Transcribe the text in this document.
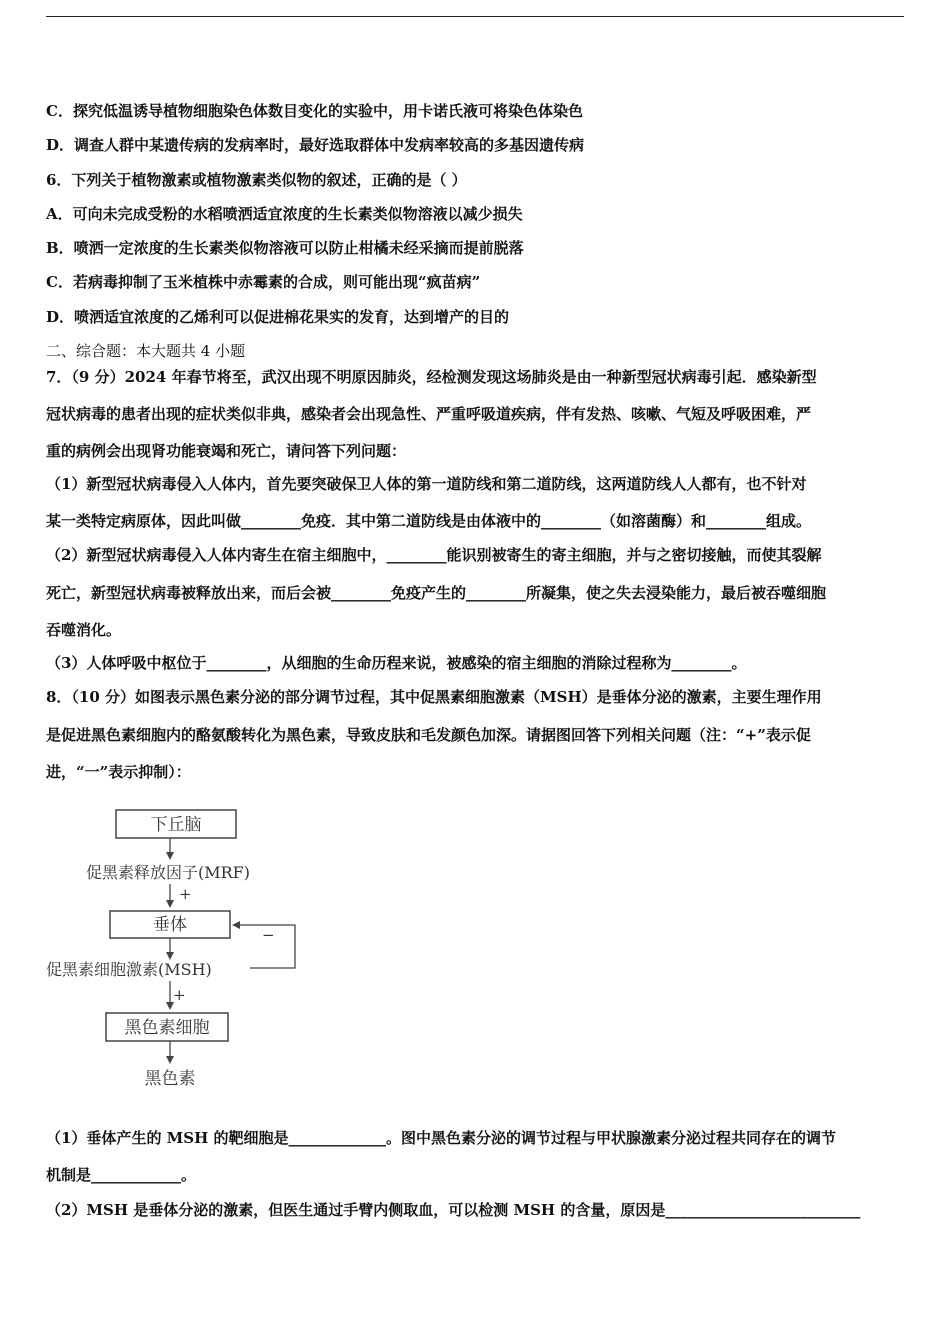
C．探究低温诱导植物细胞染色体数目变化的实验中，用卡诺氏液可将染色体染色
D．调查人群中某遗传病的发病率时，最好选取群体中发病率较高的多基因遗传病
6．下列关于植物激素或植物激素类似物的叙述，正确的是（ ）
A．可向未完成受粉的水稻喷洒适宜浓度的生长素类似物溶液以减少损失
B．喷洒一定浓度的生长素类似物溶液可以防止柑橘未经采摘而提前脱落
C．若病毒抑制了玉米植株中赤霉素的合成，则可能出现“疯苗病”
D．喷洒适宜浓度的乙烯利可以促进棉花果实的发育，达到增产的目的
二、综合题：本大题共 4 小题
7．（9 分）2024 年春节将至，武汉出现不明原因肺炎，经检测发现这场肺炎是由一种新型冠状病毒引起．感染新型
冠状病毒的患者出现的症状类似非典，感染者会出现急性、严重呼吸道疾病，伴有发热、咳嗽、气短及呼吸困难，严
重的病例会出现肾功能衰竭和死亡，请问答下列问题：
（1）新型冠状病毒侵入人体内，首先要突破保卫人体的第一道防线和第二道防线，这两道防线人人都有，也不针对
某一类特定病原体，因此叫做________免疫．其中第二道防线是由体液中的________（如溶菌酶）和________组成。
（2）新型冠状病毒侵入人体内寄生在宿主细胞中，________能识别被寄生的寄主细胞，并与之密切接触，而使其裂解
死亡，新型冠状病毒被释放出来，而后会被________免疫产生的________所凝集，使之失去浸染能力，最后被吞噬细胞
吞噬消化。
（3）人体呼吸中枢位于________，从细胞的生命历程来说，被感染的宿主细胞的消除过程称为________。
8．（10 分）如图表示黑色素分泌的部分调节过程，其中促黑素细胞激素（MSH）是垂体分泌的激素，主要生理作用
是促进黑色素细胞内的酪氨酸转化为黑色素，导致皮肤和毛发颜色加深。请据图回答下列相关问题（注：“+”表示促
进，“一”表示抑制）：
下丘脑
促黑素释放因子(MRF)
+
垂体
促黑素细胞激素(MSH)
−
+
黑色素细胞
黑色素
（1）垂体产生的 MSH 的靶细胞是_____________。图中黑色素分泌的调节过程与甲状腺激素分泌过程共同存在的调节
机制是____________。
（2）MSH 是垂体分泌的激素，但医生通过手臂内侧取血，可以检测 MSH 的含量，原因是__________________________
